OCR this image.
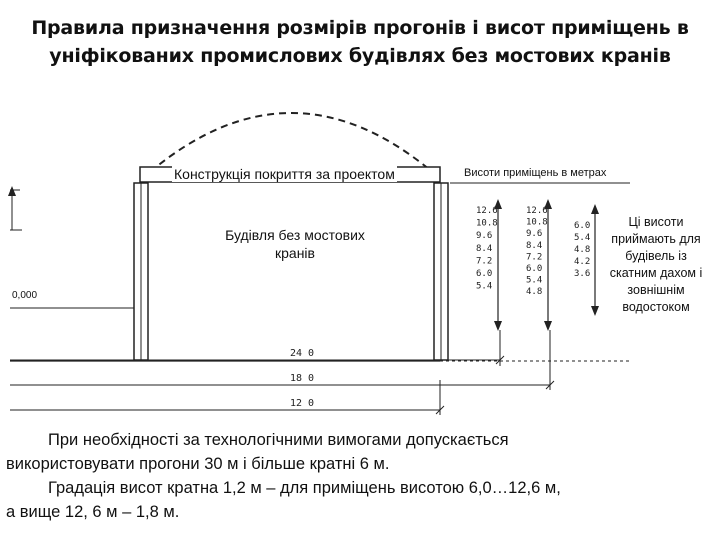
Правила призначення розмірів прогонів і висот приміщень в уніфікованих промислових будівлях без мостових кранів
12.6
10.8
9.6
8.4
7.2
6.0
5.4
12.6
10.8
9.6
8.4
7.2
6.0
5.4
4.8
6.0
5.4
4.8
4.2
3.6
24 0
18 0
12 0
Конструкція покриття за проектом	Висоти приміщень в метрах
Будівля без мостових кранів
0,000
Ці висоти приймають для будівель із скатним дахом і зовнішнім водостоком

При необхідності за технологічними вимогами допускається

використовувати прогони 30 м і більше кратні 6 м.

Градація висот кратна 1,2 м – для приміщень висотою 6,0…12,6 м,

а вище 12, 6 м – 1,8 м.
